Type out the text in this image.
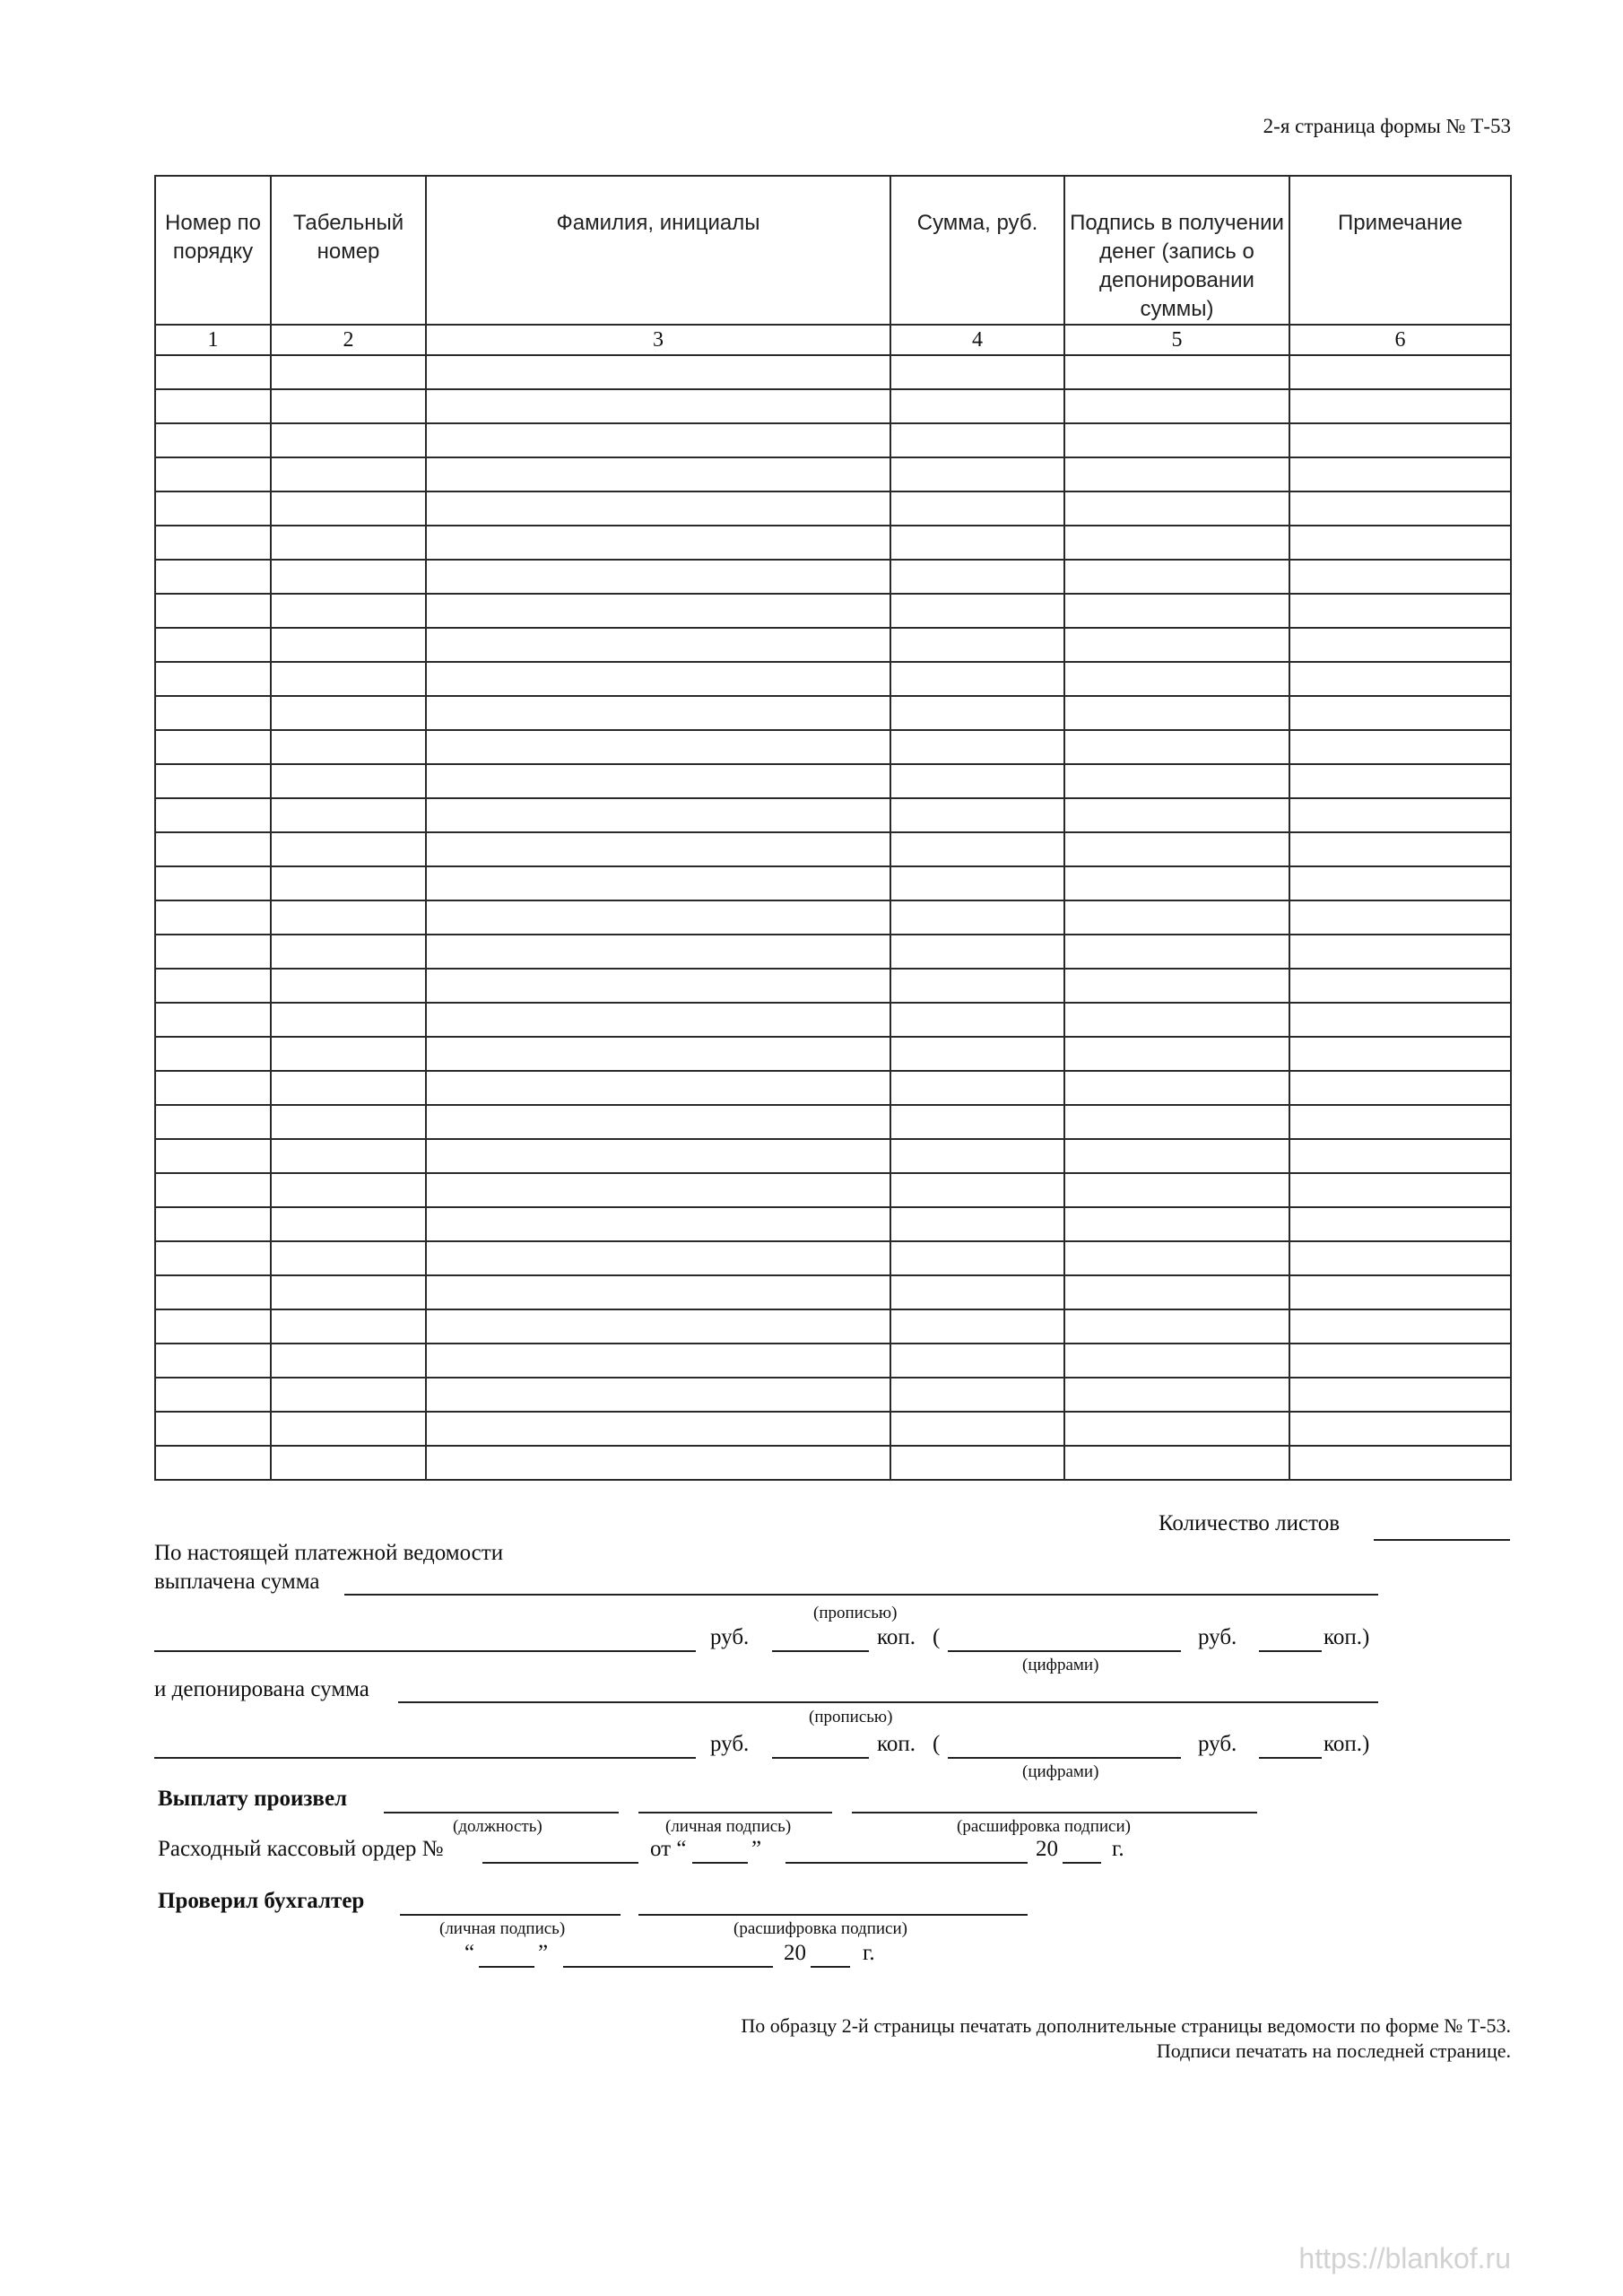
2-я страница формы № Т-53
Номер по порядку	Табельный номер	Фамилия, инициалы	Сумма, руб.	Подпись в получении денег (запись о депонировании суммы)	Примечание
1	2	3	4	5	6

Количество листов
По настоящей платежной ведомости
выплачена сумма
(прописью)
руб.	коп. (	руб.	коп.)
(цифрами)
и депонирована сумма
(прописью)
руб.	коп. (	руб.	коп.)
(цифрами)
Выплату произвел
(должность)	(личная подпись)	(расшифровка подписи)
Расходный кассовый ордер №	от “	”	20 г.
Проверил бухгалтер
(личная подпись)	(расшифровка подписи)
“	”	20	г.
По образцу 2-й страницы печатать дополнительные страницы ведомости по форме № Т-53.
Подписи печатать на последней странице.
https://blankof.ru
